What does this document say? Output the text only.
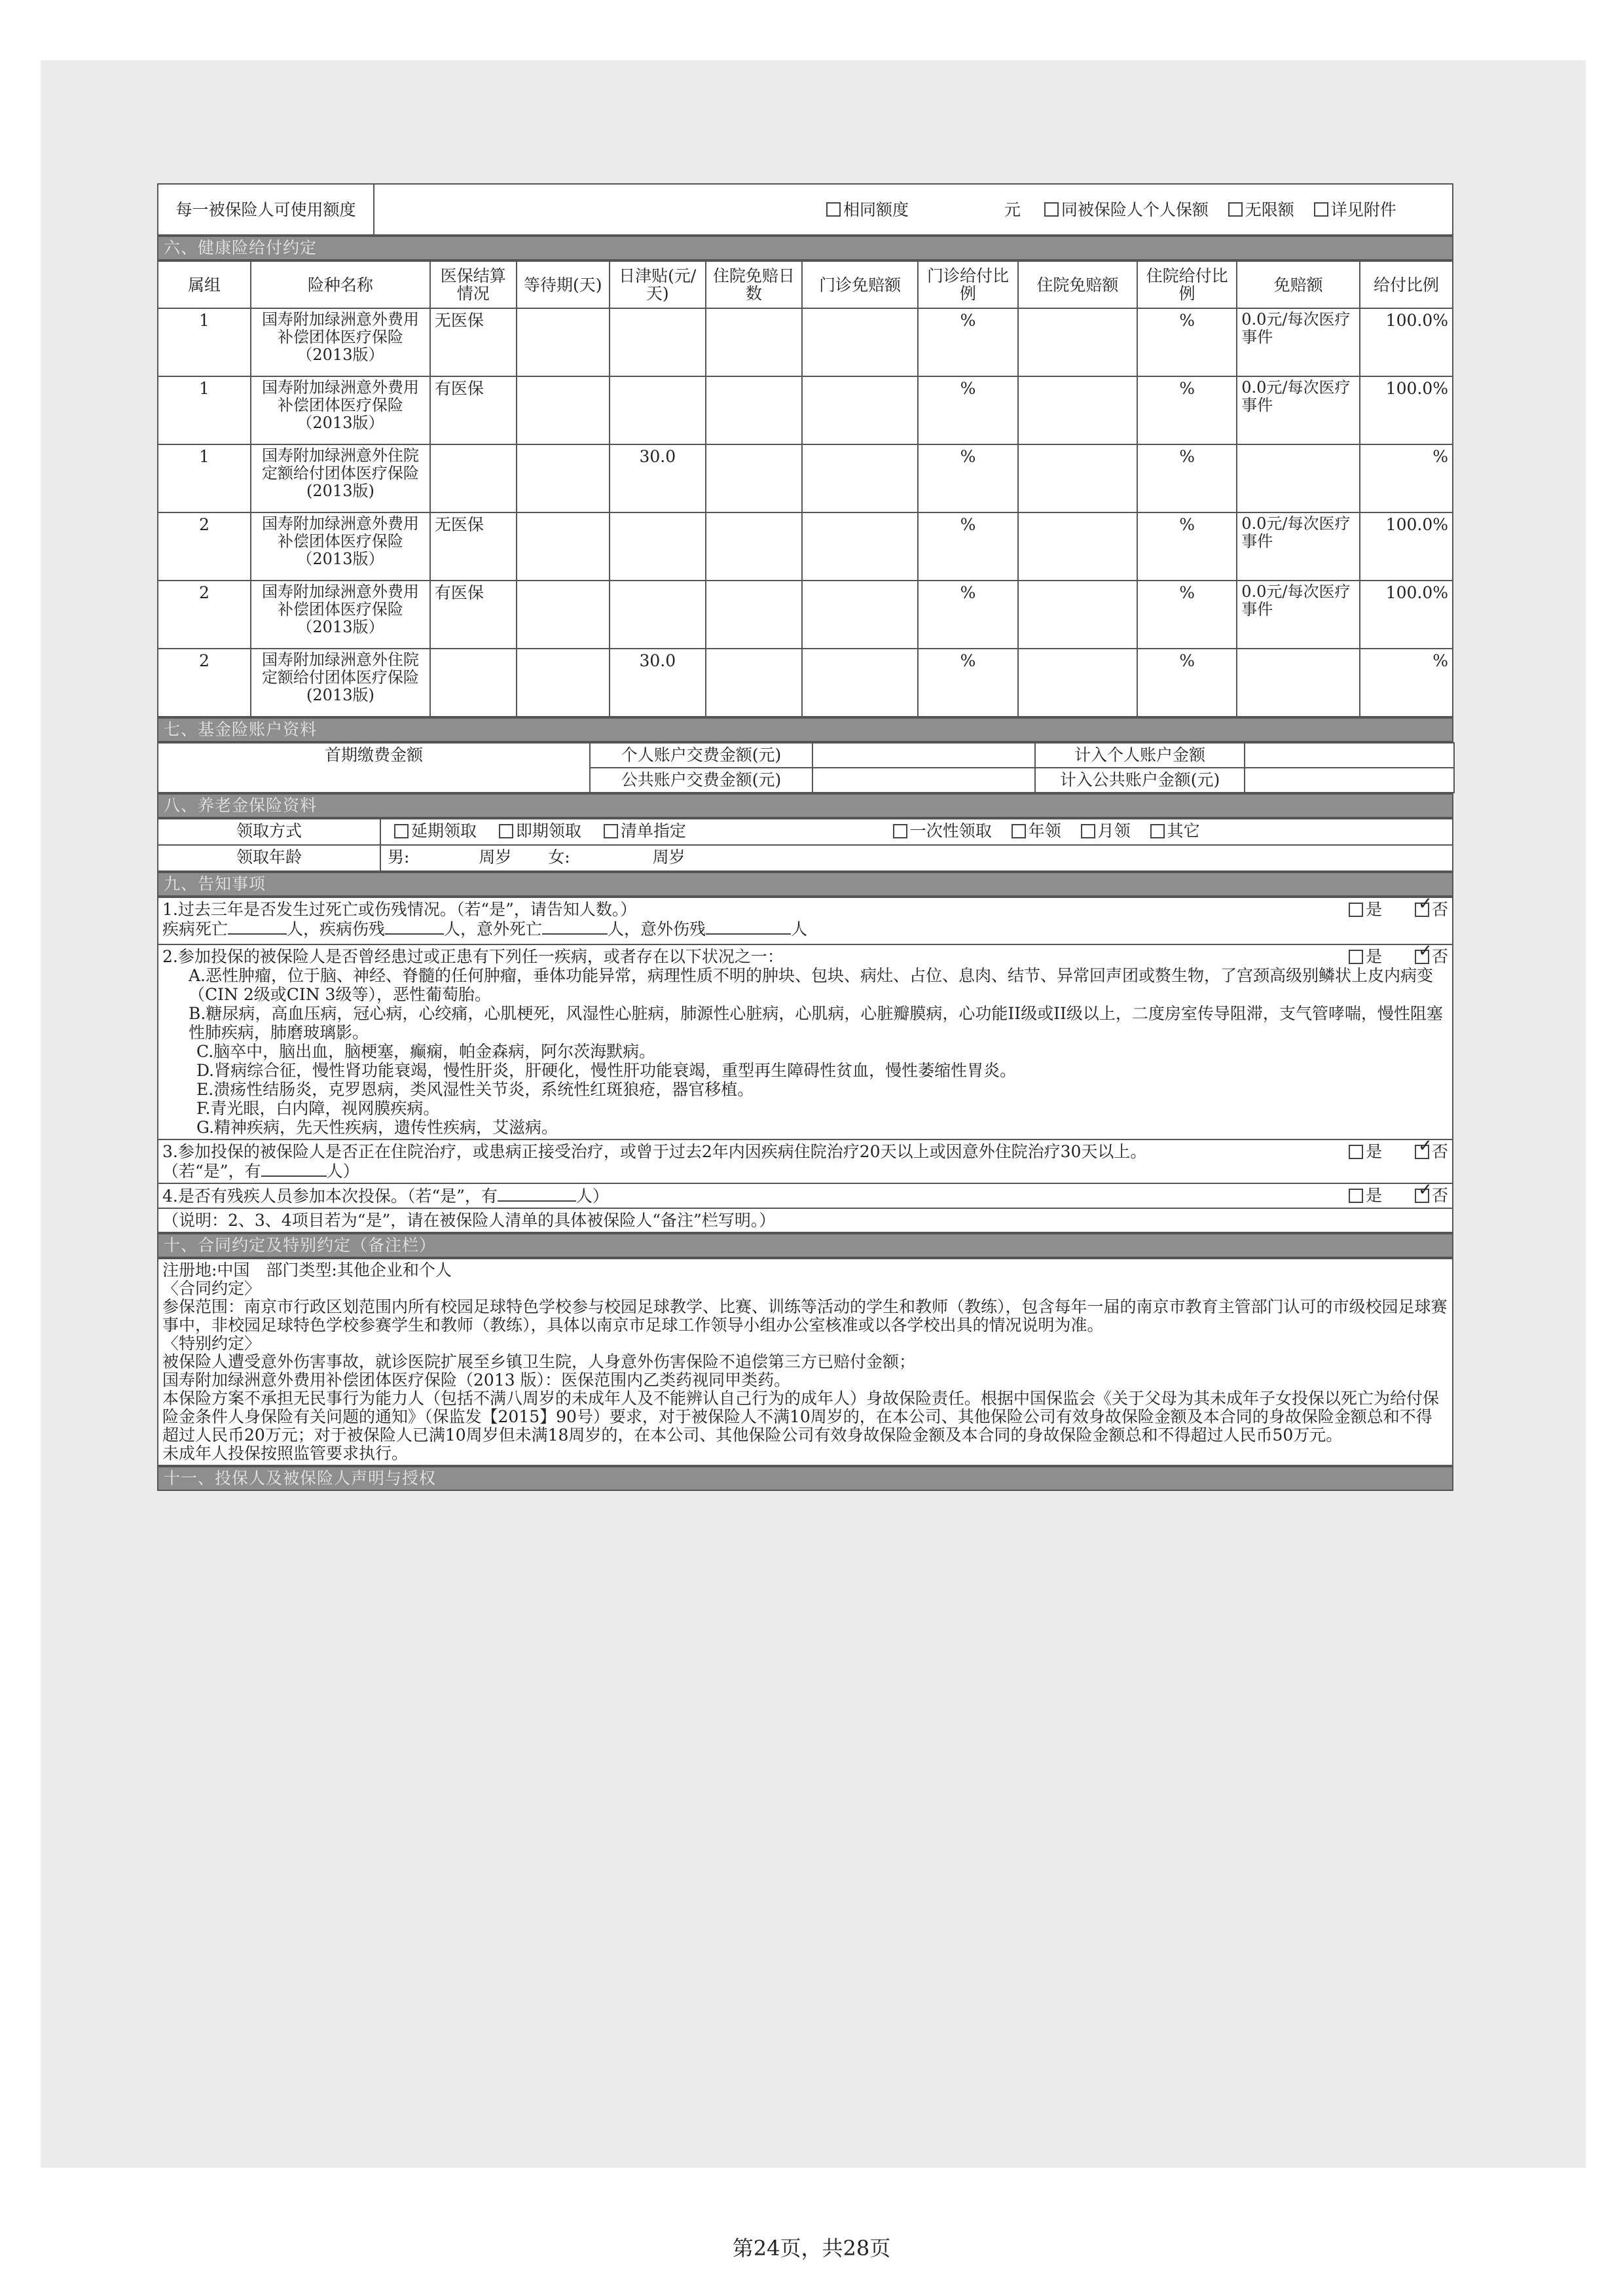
每一被保险人可使用额度	相同额度	元 同被保险人个人保额 无限额 详见附件
六、健康险给付约定
属组	险种名称	医保结算情况	等待期(天)	日津贴(元/天)	住院免赔日数	门诊免赔额	门诊给付比例	住院免赔额	住院给付比例	免赔额	给付比例
1	国寿附加绿洲意外费用补偿团体医疗保险（2013版）	无医保					%		%	0.0元/每次医疗事件	100.0%
1	国寿附加绿洲意外费用补偿团体医疗保险（2013版）	有医保					%		%	0.0元/每次医疗事件	100.0%
1	国寿附加绿洲意外住院定额给付团体医疗保险(2013版)			30.0			%		%		%
2	国寿附加绿洲意外费用补偿团体医疗保险（2013版）	无医保					%		%	0.0元/每次医疗事件	100.0%
2	国寿附加绿洲意外费用补偿团体医疗保险（2013版）	有医保					%		%	0.0元/每次医疗事件	100.0%
2	国寿附加绿洲意外住院定额给付团体医疗保险(2013版)			30.0			%		%		%
七、基金险账户资料
首期缴费金额	个人账户交费金额(元)		计入个人账户金额	
	公共账户交费金额(元)		计入公共账户金额(元)	
八、养老金保险资料
领取方式	延期领取 即期领取 清单指定 一次性领取 年领 月领 其它
领取年龄	男: 周岁 女: 周岁
九、告知事项
是 ✓	否
1.过去三年是否发生过死亡或伤残情况。（若“是”，请告知人数。）
疾病死亡	人，疾病伤残	人，意外死亡	人，意外伤残	人

是 ✓	否
2.参加投保的被保险人是否曾经患过或正患有下列任一疾病，或者存在以下状况之一：
A.恶性肿瘤，位于脑、神经、脊髓的任何肿瘤，垂体功能异常，病理性质不明的肿块、包块、病灶、占位、息肉、结节、异常回声团或赘生物，了宫颈高级别鳞状上皮内病变（CIN 2级或CIN 3级等），恶性葡萄胎。
B.糖尿病，高血压病，冠心病，心绞痛，心肌梗死，风湿性心脏病，肺源性心脏病，心肌病，心脏瓣膜病，心功能II级或II级以上，二度房室传导阻滞，支气管哮喘，慢性阻塞性肺疾病，肺磨玻璃影。
C.脑卒中，脑出血，脑梗塞，癫痫，帕金森病，阿尔茨海默病。
D.肾病综合征，慢性肾功能衰竭，慢性肝炎，肝硬化，慢性肝功能衰竭，重型再生障碍性贫血，慢性萎缩性胃炎。
E.溃疡性结肠炎，克罗恩病，类风湿性关节炎，系统性红斑狼疮，器官移植。
F.青光眼，白内障，视网膜疾病。
G.精神疾病，先天性疾病，遗传性疾病，艾滋病。

是 ✓	否
3.参加投保的被保险人是否正在住院治疗，或患病正接受治疗，或曾于过去2年内因疾病住院治疗20天以上或因意外住院治疗30天以上。
（若“是”，有	人）

是 ✓	否
4.是否有残疾人员参加本次投保。（若“是”，有	人）
（说明：2、3、4项目若为“是”，请在被保险人清单的具体被保险人“备注”栏写明。）
十、合同约定及特别约定（备注栏）
注册地:中国　部门类型:其他企业和个人
〈合同约定〉
参保范围：南京市行政区划范围内所有校园足球特色学校参与校园足球教学、比赛、训练等活动的学生和教师（教练），包含每年一届的南京市教育主管部门认可的市级校园足球赛事中，非校园足球特色学校参赛学生和教师（教练），具体以南京市足球工作领导小组办公室核准或以各学校出具的情况说明为准。
〈特别约定〉
被保险人遭受意外伤害事故，就诊医院扩展至乡镇卫生院，人身意外伤害保险不追偿第三方已赔付金额；
国寿附加绿洲意外费用补偿团体医疗保险（2013 版）：医保范围内乙类药视同甲类药。
本保险方案不承担无民事行为能力人（包括不满八周岁的未成年人及不能辨认自己行为的成年人）身故保险责任。根据中国保监会《关于父母为其未成年子女投保以死亡为给付保险金条件人身保险有关问题的通知》（保监发【2015】90号）要求，对于被保险人不满10周岁的，在本公司、其他保险公司有效身故保险金额及本合同的身故保险金额总和不得超过人民币20万元；对于被保险人已满10周岁但未满18周岁的，在本公司、其他保险公司有效身故保险金额及本合同的身故保险金额总和不得超过人民币50万元。
未成年人投保按照监管要求执行。
十一、投保人及被保险人声明与授权
第24页，共28页
